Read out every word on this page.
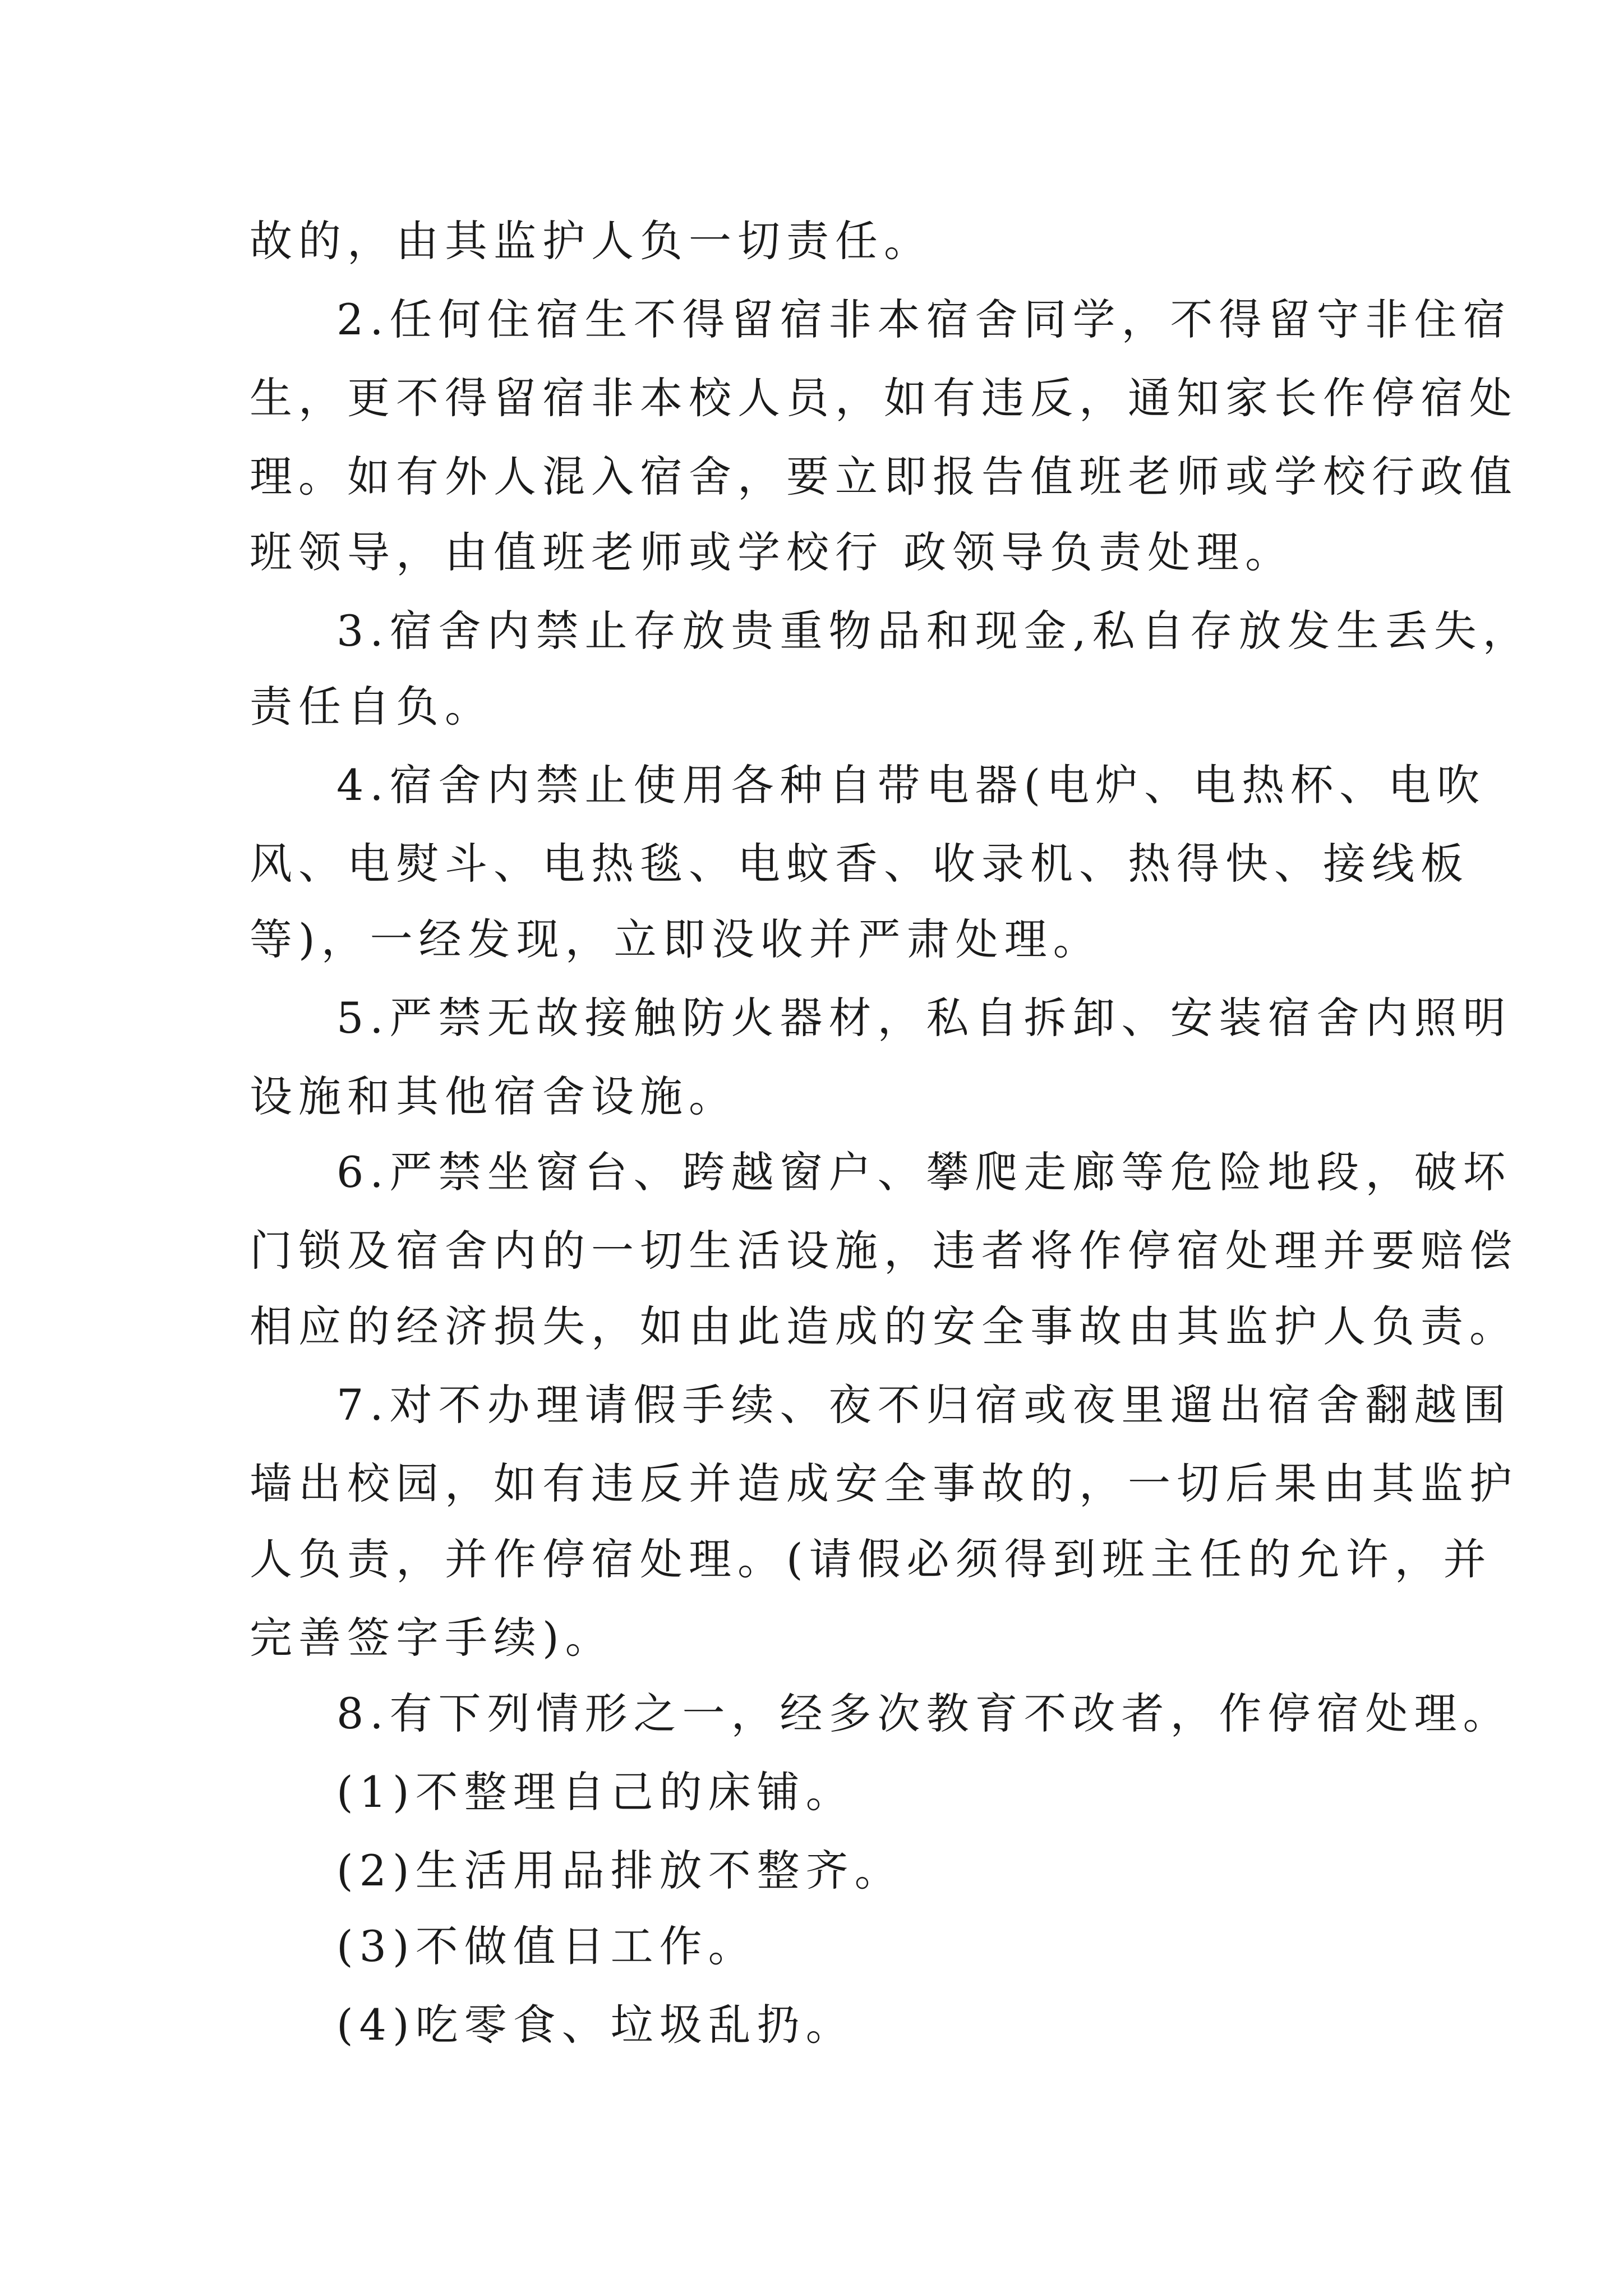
故的，由其监护人负一切责任。
2.任何住宿生不得留宿非本宿舍同学，不得留守非住宿
生，更不得留宿非本校人员，如有违反，通知家长作停宿处
理。如有外人混入宿舍，要立即报告值班老师或学校行政值
班领导，由值班老师或学校行 政领导负责处理。
3.宿舍内禁止存放贵重物品和现金,私自存放发生丢失，
责任自负。
4.宿舍内禁止使用各种自带电器(电炉、电热杯、电吹
风、电熨斗、电热毯、电蚊香、收录机、热得快、接线板
等)，一经发现，立即没收并严肃处理。
5.严禁无故接触防火器材，私自拆卸、安装宿舍内照明
设施和其他宿舍设施。
6.严禁坐窗台、跨越窗户、攀爬走廊等危险地段，破坏
门锁及宿舍内的一切生活设施，违者将作停宿处理并要赔偿
相应的经济损失，如由此造成的安全事故由其监护人负责。
7.对不办理请假手续、夜不归宿或夜里遛出宿舍翻越围
墙出校园，如有违反并造成安全事故的，一切后果由其监护
人负责，并作停宿处理。(请假必须得到班主任的允许，并
完善签字手续)。
8.有下列情形之一，经多次教育不改者，作停宿处理。
(1)不整理自己的床铺。
(2)生活用品排放不整齐。
(3)不做值日工作。
(4)吃零食、垃圾乱扔。
